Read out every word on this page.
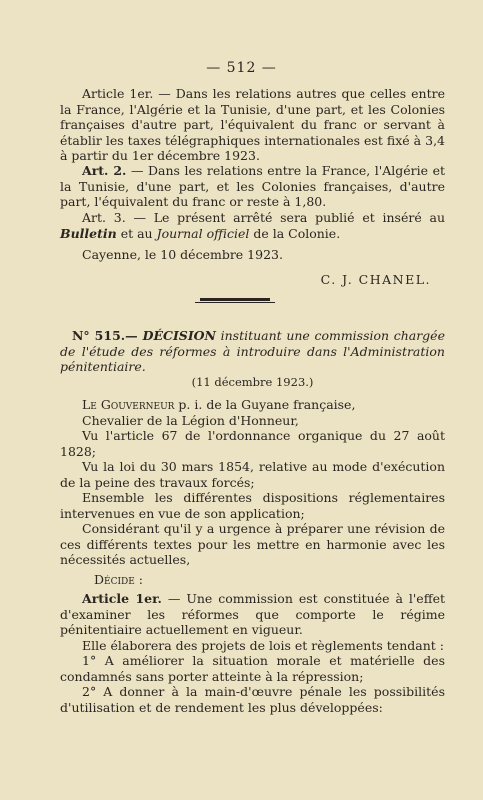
— 512 —

Article 1er. — Dans les relations autres que celles entre la France, l'Algérie et la Tunisie, d'une part, et les Colonies françaises d'autre part, l'équivalent du franc or servant à établir les taxes télégraphiques internationales est fixé à 3,4 à partir du 1er décembre 1923.

Art. 2. — Dans les relations entre la France, l'Algérie et la Tunisie, d'une part, et les Colonies françaises, d'autre part, l'équivalent du franc or reste à 1,80.

Art. 3. — Le présent arrêté sera publié et inséré au Bulletin et au Journal officiel de la Colonie.

Cayenne, le 10 décembre 1923.

C. J. CHANEL.

N° 515.— DÉCISION instituant une commission chargée de l'étude des réformes à introduire dans l'Administration pénitentiaire.

(11 décembre 1923.)

Le Gouverneur p. i. de la Guyane française,

Chevalier de la Légion d'Honneur,

Vu l'article 67 de l'ordonnance organique du 27 août 1828;

Vu la loi du 30 mars 1854, relative au mode d'exécution de la peine des travaux forcés;

Ensemble les différentes dispositions réglementaires intervenues en vue de son application;

Considérant qu'il y a urgence à préparer une révision de ces différents textes pour les mettre en harmonie avec les nécessités actuelles,

Décide :

Article 1er. — Une commission est constituée à l'effet d'examiner les réformes que comporte le régime pénitentiaire actuellement en vigueur.

Elle élaborera des projets de lois et règlements tendant :

1° A améliorer la situation morale et matérielle des condamnés sans porter atteinte à la répression;

2° A donner à la main-d'œuvre pénale les possibilités d'utilisation et de rendement les plus développées:
